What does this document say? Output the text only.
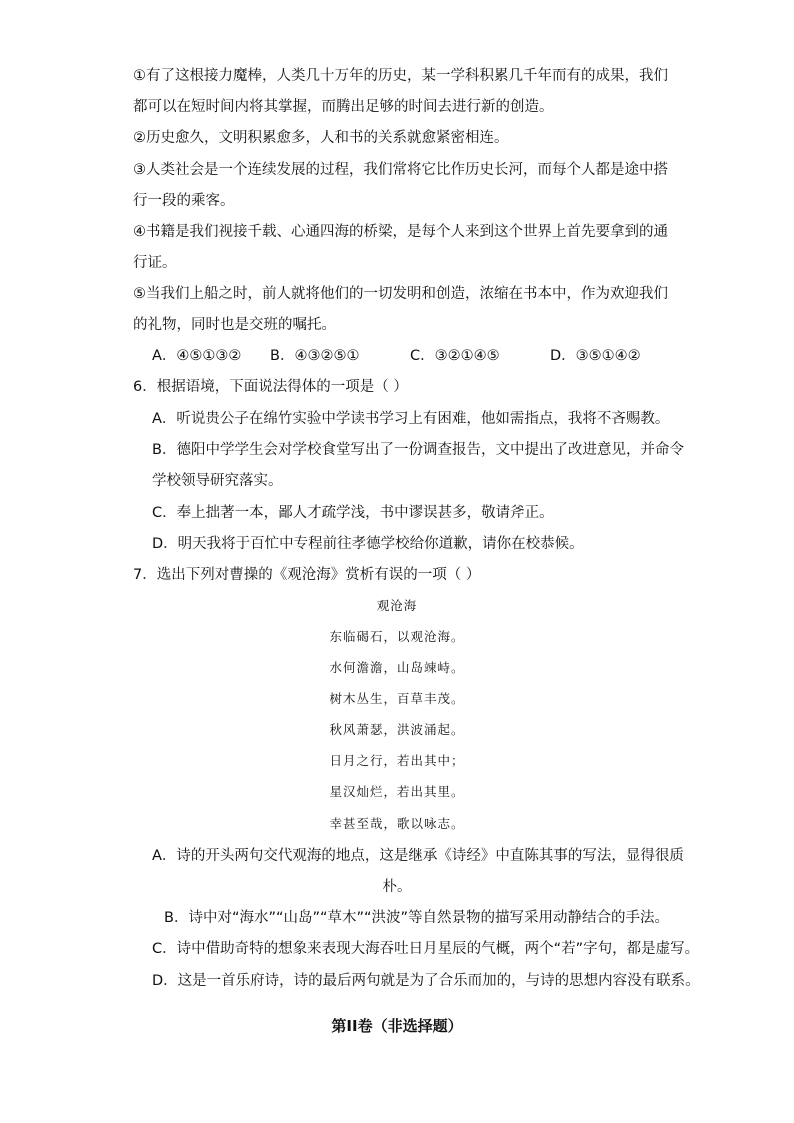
①有了这根接力魔棒，人类几十万年的历史，某一学科积累几千年而有的成果，我们
都可以在短时间内将其掌握，而腾出足够的时间去进行新的创造。
②历史愈久，文明积累愈多，人和书的关系就愈紧密相连。
③人类社会是一个连续发展的过程，我们常将它比作历史长河，而每个人都是途中搭
行一段的乘客。
④书籍是我们视接千载、心通四海的桥梁，是每个人来到这个世界上首先要拿到的通
行证。
⑤当我们上船之时，前人就将他们的一切发明和创造，浓缩在书本中，作为欢迎我们
的礼物，同时也是交班的嘱托。
A．④⑤①③② B．④③②⑤①	C．③②①④⑤	D．③⑤①④②
6．根据语境，下面说法得体的一项是（ ）
A．听说贵公子在绵竹实验中学读书学习上有困难，他如需指点，我将不吝赐教。
B．德阳中学学生会对学校食堂写出了一份调查报告，文中提出了改进意见，并命令
学校领导研究落实。
C．奉上拙著一本，鄙人才疏学浅，书中谬误甚多，敬请斧正。
D．明天我将于百忙中专程前往孝德学校给你道歉，请你在校恭候。
7．选出下列对曹操的《观沧海》赏析有误的一项（ ）
观沧海
东临碣石，以观沧海。
水何澹澹，山岛竦峙。
树木丛生，百草丰茂。
秋风萧瑟，洪波涌起。
日月之行，若出其中；
星汉灿烂，若出其里。
幸甚至哉，歌以咏志。
A．诗的开头两句交代观海的地点，这是继承《诗经》中直陈其事的写法，显得很质
朴。
B．诗中对“海水”“山岛”“草木”“洪波”等自然景物的描写采用动静结合的手法。
C．诗中借助奇特的想象来表现大海吞吐日月星辰的气概，两个“若”字句，都是虚写。
D．这是一首乐府诗，诗的最后两句就是为了合乐而加的，与诗的思想内容没有联系。
第II卷（非选择题）
